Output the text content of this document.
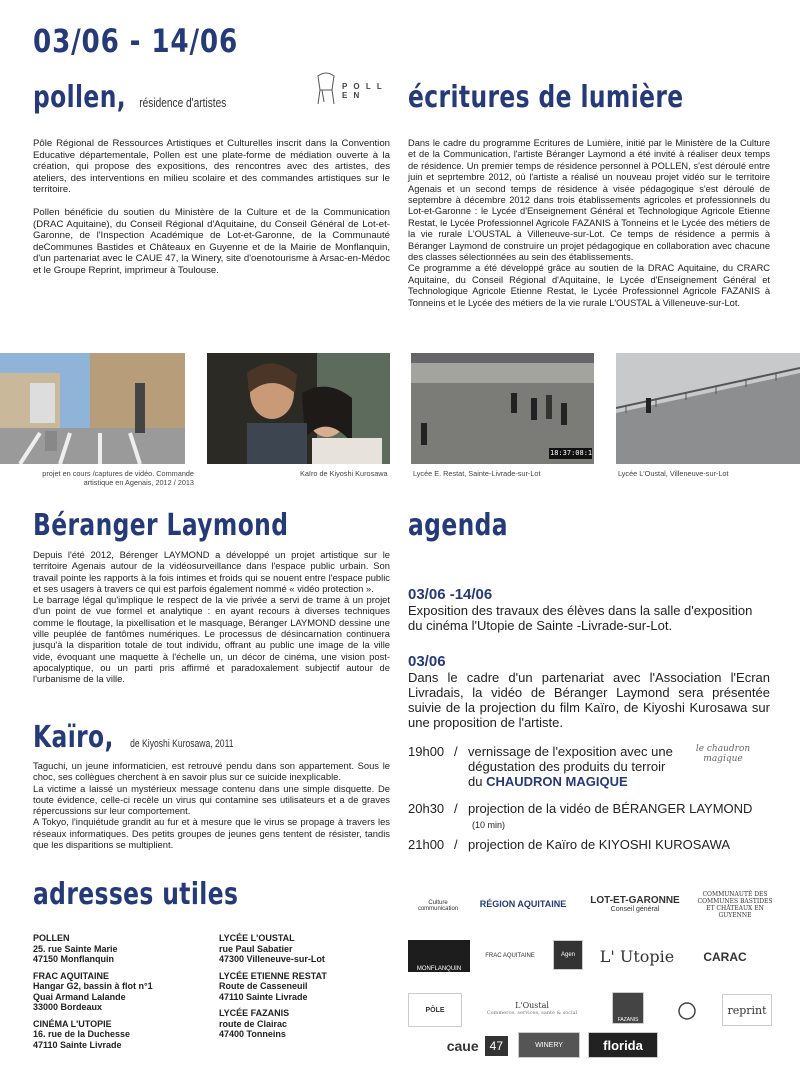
03/06 - 14/06
pollen, résidence d'artistes
P O L L E N	écritures de lumière

Pôle Régional de Ressources Artistiques et Culturelles inscrit dans la Convention Educative départementale, Pollen est une plate-forme de médiation ouverte à la création, qui propose des expositions, des rencontres avec des artistes, des ateliers, des interventions en milieu scolaire et des commandes artistiques sur le territoire.

Pollen bénéficie du soutien du Ministère de la Culture et de la Communication (DRAC Aquitaine), du Conseil Régional d'Aquitaine, du Conseil Général de Lot-et-Garonne, de l'Inspection Académique de Lot-et-Garonne, de la Communauté deCommunes Bastides et Châteaux en Guyenne et de la Mairie de Monflanquin, d'un partenariat avec le CAUE 47, la Winery, site d'oenotourisme à Arsac-en-Médoc et le Groupe Reprint, imprimeur à Toulouse.

Dans le cadre du programme Ecritures de Lumière, initié par le Ministère de la Culture et de la Communication, l'artiste Béranger Laymond a été invité à réaliser deux temps de résidence. Un premier temps de résidence personnel à POLLEN, s'est déroulé entre juin et seprtembre 2012, où l'artiste a réalisé un nouveau projet vidéo sur le territoire Agenais et un second temps de résidence à visée pédagogique s'est déroulé de septembre à décembre 2012 dans trois établissements agricoles et professionnels du Lot-et-Garonne : le Lycée d'Enseignement Général et Technologique Agricole Etienne Restat, le Lycée Professionnel Agricole FAZANIS à Tonneins et le Lycée des métiers de la vie rurale L'OUSTAL à Villeneuve-sur-Lot. Ce temps de résidence a permis à Béranger Laymond de construire un projet pédagogique en collaboration avec chacune des classes sélectionnées au sein des établissements.

Ce programme a été développé grâce au soutien de la DRAC Aquitaine, du CRARC Aquitaine, du Conseil Régional d'Aquitaine, le Lycée d'Enseignement Général et Technologique Agricole Etienne Restat, le Lycée Professionnel Agricole FAZANIS à Tonneins et le Lycée des métiers de la vie rurale L'OUSTAL à Villeneuve-sur-Lot.

18:37:08:1
projet en cours /captures de vidéo. Commande artistique en Agenais, 2012 / 2013
Kaïro de Kiyoshi Kurosawa	Lycée E. Restat, Sainte-Livrade-sur-Lot	Lycée L'Oustal, Villeneuve-sur-Lot
Béranger Laymond

Depuis l'été 2012, Bérenger LAYMOND a développé un projet artistique sur le territoire Agenais autour de la vidéosurveillance dans l'espace public urbain. Son travail pointe les rapports à la fois intimes et froids qui se nouent entre l'espace public et ses usagers à travers ce qui est parfois également nommé « vidéo protection ».

Le barrage légal qu'implique le respect de la vie privée a servi de trame à un projet d'un point de vue formel et analytique : en ayant recours à diverses techniques comme le floutage, la pixellisation et le masquage, Béranger LAYMOND dessine une ville peuplée de fantômes numériques. Le processus de désincarnation continuera jusqu'à la disparition totale de tout individu, offrant au public une image de la ville vide, évoquant une maquette à l'échelle un, un décor de cinéma, une vision post-apocalyptique, ou un parti pris affirmé et paradoxalement subjectif autour de l'urbanisme de la ville.

Kaïro, de Kiyoshi Kurosawa, 2011

Taguchi, un jeune informaticien, est retrouvé pendu dans son appartement. Sous le choc, ses collègues cherchent à en savoir plus sur ce suicide inexplicable.

La victime a laissé un mystérieux message contenu dans une simple disquette. De toute évidence, celle-ci recèle un virus qui contamine ses utilisateurs et a de graves répercussions sur leur comportement.

A Tokyo, l'inquiétude grandit au fur et à mesure que le virus se propage à travers les réseaux informatiques. Des petits groupes de jeunes gens tentent de résister, tandis que les disparitions se multiplient.

agenda
03/06 -14/06
Exposition des travaux des élèves dans la salle d'exposition du cinéma l'Utopie de Sainte -Livrade-sur-Lot.
03/06
Dans le cadre d'un partenariat avec l'Association l'Ecran Livradais, la vidéo de Béranger Laymond sera présentée suivie de la projection du film Kaïro, de Kiyoshi Kurosawa sur une proposition de l'artiste.
19h00 / vernissage de l'exposition avec une
dégustation des produits du terroir
du CHAUDRON MAGIQUE
le chaudron magique
20h30 / projection de la vidéo de BÉRANGER LAYMOND
(10 min)
21h00 / projection de Kaïro de KIYOSHI KUROSAWA
adresses utiles
POLLEN
25. rue Sainte Marie
47150 Monflanquin
FRAC AQUITAINE
Hangar G2, bassin à flot n°1
Quai Armand Lalande
33000 Bordeaux
CINÉMA L'UTOPIE
16. rue de la Duchesse
47110 Sainte Livrade
LYCÉE L'OUSTAL
rue Paul Sabatier
47300 Villeneuve-sur-Lot
LYCÉE ETIENNE RESTAT
Route de Casseneuil
47110 Sainte Livrade
LYCÉE FAZANIS
route de Clairac
47400 Tonneins
Culture communication	RÉGION AQUITAINE LOT-ET-GARONNE
Conseil général
COMMUNAUTÉ DES COMMUNES BASTIDES ET CHÂTEAUX EN GUYENNE
MONFLANQUIN
FRAC AQUITAINE	Agen L' Utopie CARAC
PÔLE
L'Oustal
Commerce, services, santé & social
FAZANIS
reprint
caue 47	WINERY	florida
